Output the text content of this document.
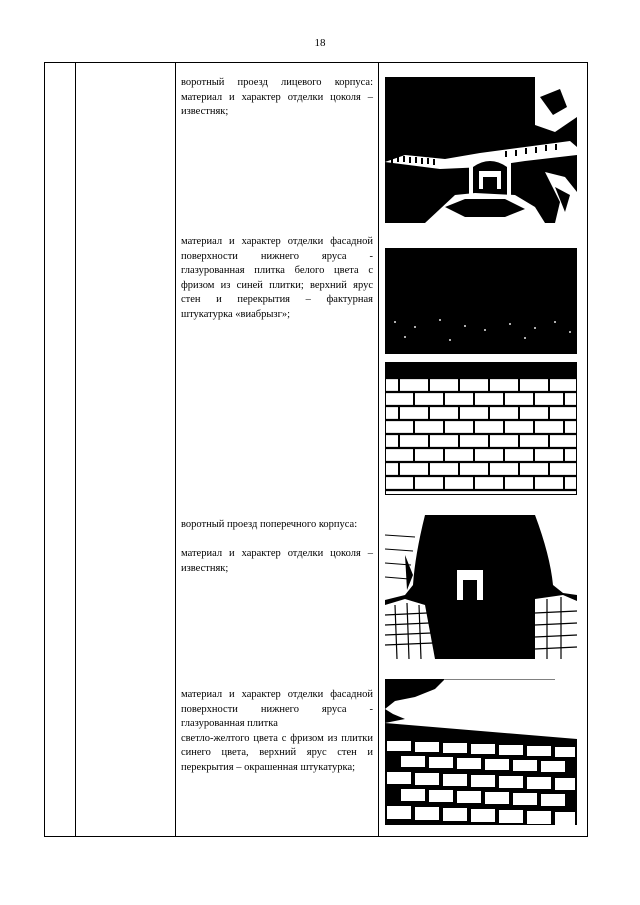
18

воротный проезд лицевого корпуса: материал и характер отделки цоколя – известняк;

материал и характер отделки фасадной поверхности нижнего яруса - глазурованная плитка белого цвета с фризом из синей плитки; верхний ярус стен и перекрытия – фактурная штукатурка «виабрызг»;

воротный проезд поперечного корпуса:

материал и характер отделки цоколя – известняк;

материал и характер отделки фасадной поверхности нижнего яруса - глазурованная плитка

светло-желтого цвета с фризом из плитки синего цвета, верхний ярус стен и перекрытия – окрашенная штукатурка;
